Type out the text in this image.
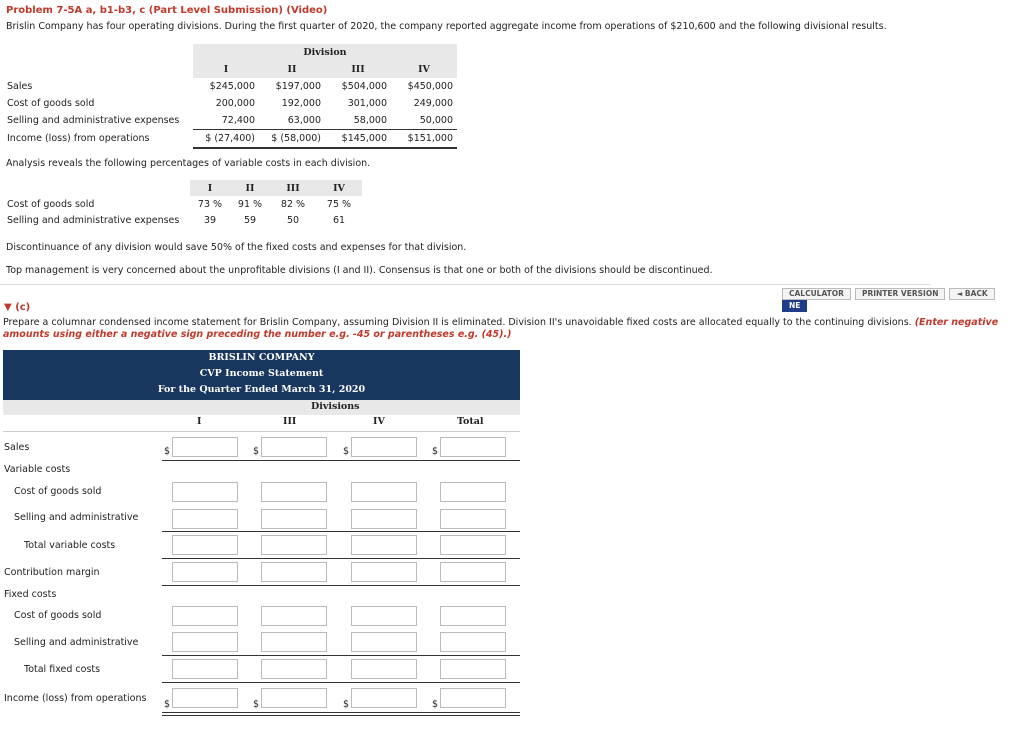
Problem 7-5A a, b1-b3, c (Part Level Submission) (Video)
Brislin Company has four operating divisions. During the first quarter of 2020, the company reported aggregate income from operations of $210,600 and the following divisional results.
	Division			
	I	II	III	IV
Sales	$245,000	$197,000	$504,000	$450,000
Cost of goods sold	200,000	192,000	301,000	249,000
Selling and administrative expenses	72,400	63,000	58,000	50,000
Income (loss) from operations	$ (27,400)	$ (58,000)	$145,000	$151,000
Analysis reveals the following percentages of variable costs in each division.
	I	II	III	IV
Cost of goods sold	73 %	91 %	82 %	75 %
Selling and administrative expenses	39	59	50	61
Discontinuance of any division would save 50% of the fixed costs and expenses for that division.
Top management is very concerned about the unprofitable divisions (I and II). Consensus is that one or both of the divisions should be discontinued.
CALCULATOR PRINTER VERSION ◄ BACKNE
▼ (c)
Prepare a columnar condensed income statement for Brislin Company, assuming Division II is eliminated. Division II's unavoidable fixed costs are allocated equally to the continuing divisions. (Enter negative amounts using either a negative sign preceding the number e.g. -45 or parentheses e.g. (45).)
BRISLIN COMPANY
CVP Income Statement
For the Quarter Ended March 31, 2020
Divisions
I	III	IV	Total
Sales
Variable costs
Cost of goods sold
Selling and administrative
Total variable costs
Contribution margin
Fixed costs
Cost of goods sold
Selling and administrative
Total fixed costs
Income (loss) from operations
$	$	$	$
$	$	$	$
